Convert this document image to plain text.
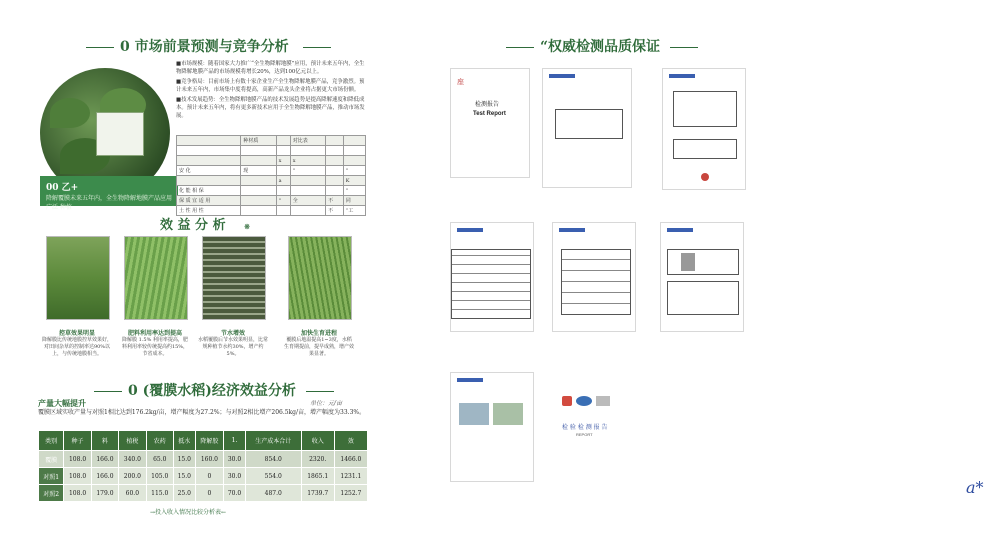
0 市场前景预测与竞争分析
00 乙+
降解覆膜未来五年内，全生物降解地膜产品应用广泛 种植

■市场规模：随着国家大力推广“全生物降解地膜”应用，预计未来五年内，全生物降解地膜产品的市场规模将增长20%，达到100亿元以上。

■竞争格局：目前市场上有数十家企业生产全生物降解地膜产品，竞争激烈。预计未来五年内，市场集中度将提高，高新产品龙头企业将占据更大市场份额。

■技术发展趋势：全生物降解地膜产品的技术发展趋势是提高降解速度和降低成本。预计未来五年内，将有更多新技术应用于全生物降解地膜产品，推动市场发展。

	种材质		对比表		

		x	x		
安 化	现		"		"
		a			K
化 能 相 保					"
保 质 宜 适 用		"	全	不	同
土 性 用 性				不	“工
效 益 分 析	※
控草效果明显
降解膜比传统地膜控草效果好，对田间杂草的控制率达90%以上，与传统地膜相当。
肥料利用率达到提高
降解膜 1.5% 利用率提高，肥料利用率较传统提高约15%，节省成本。
节水增效
水稻覆膜后节水效果明显，比常规种植节水约30%，增产约5%。
加快生育进程
覆膜后地温提高1~3度，水稻生育期提前，提早成熟，增产效果显著。
0 (覆膜水稻)经济效益分析
产量大幅提升	单位：元/亩
覆膜区域实收产量与对照1相比达到176.2kg/亩，增产幅度为27.2%；与对照2相比增产206.5kg/亩，增产幅度为33.3%。
类别	种子	料	植税	农药	抵水	降解胶	1.	生产成本合计	收入	效
覆膜	108.0	166.0	340.0	65.0	15.0	160.0	30.0	854.0	2320.	1466.0
对照1	108.0	166.0	200.0	105.0	15.0	0	30.0	554.0	1865.1	1231.1
对照2	108.0	179.0	60.0	115.0	25.0	0	70.0	487.0	1739.7	1252.7
→投入收入情况比较分析表←
“权威检测品质保证
座
检测报告
Test Report
检 验 检 测 报 告
REPORT
a*
